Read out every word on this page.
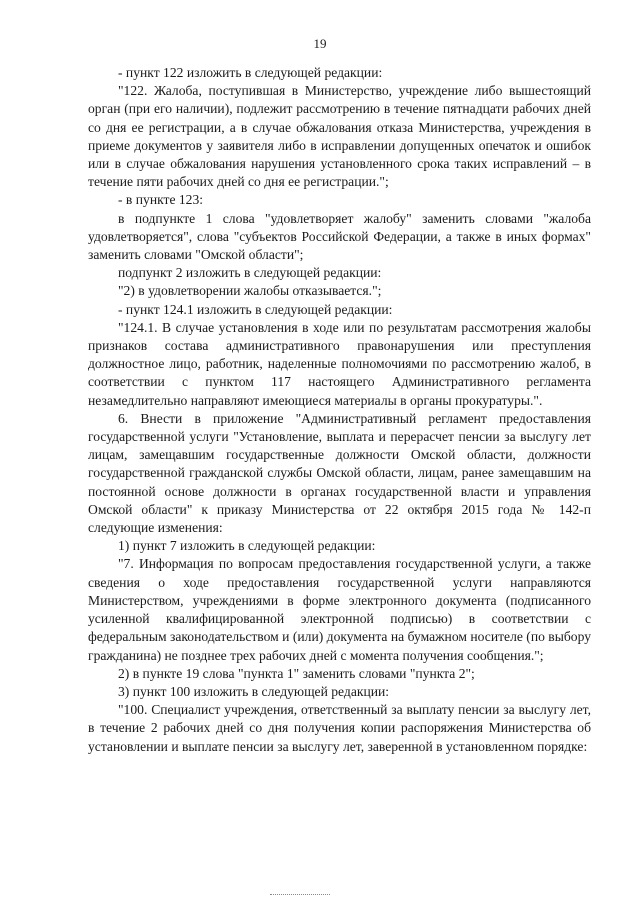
19

- пункт 122 изложить в следующей редакции:

"122. Жалоба, поступившая в Министерство, учреждение либо вышестоящий орган (при его наличии), подлежит рассмотрению в течение пятнадцати рабочих дней со дня ее регистрации, а в случае обжалования отказа Министерства, учреждения в приеме документов у заявителя либо в исправлении допущенных опечаток и ошибок или в случае обжалования нарушения установленного срока таких исправлений – в течение пяти рабочих дней со дня ее регистрации.";

- в пункте 123:

в подпункте 1 слова "удовлетворяет жалобу" заменить словами "жалоба удовлетворяется", слова "субъектов Российской Федерации, а также в иных формах" заменить словами "Омской области";

подпункт 2 изложить в следующей редакции:

"2) в удовлетворении жалобы отказывается.";

- пункт 124.1 изложить в следующей редакции:

"124.1. В случае установления в ходе или по результатам рассмотрения жалобы признаков состава административного правонарушения или преступления должностное лицо, работник, наделенные полномочиями по рассмотрению жалоб, в соответствии с пунктом 117 настоящего Административного регламента незамедлительно направляют имеющиеся материалы в органы прокуратуры.".

6. Внести в приложение "Административный регламент предоставления государственной услуги "Установление, выплата и перерасчет пенсии за выслугу лет лицам, замещавшим государственные должности Омской области, должности государственной гражданской службы Омской области, лицам, ранее замещавшим на постоянной основе должности в органах государственной власти и управления Омской области" к приказу Министерства от 22 октября 2015 года № 142-п следующие изменения:

1) пункт 7 изложить в следующей редакции:

"7. Информация по вопросам предоставления государственной услуги, а также сведения о ходе предоставления государственной услуги направляются Министерством, учреждениями в форме электронного документа (подписанного усиленной квалифицированной электронной подписью) в соответствии с федеральным законодательством и (или) документа на бумажном носителе (по выбору гражданина) не позднее трех рабочих дней с момента получения сообщения.";

2) в пункте 19 слова "пункта 1" заменить словами "пункта 2";

3) пункт 100 изложить в следующей редакции:

"100. Специалист учреждения, ответственный за выплату пенсии за выслугу лет, в течение 2 рабочих дней со дня получения копии распоряжения Министерства об установлении и выплате пенсии за выслугу лет, заверенной в установленном порядке:
